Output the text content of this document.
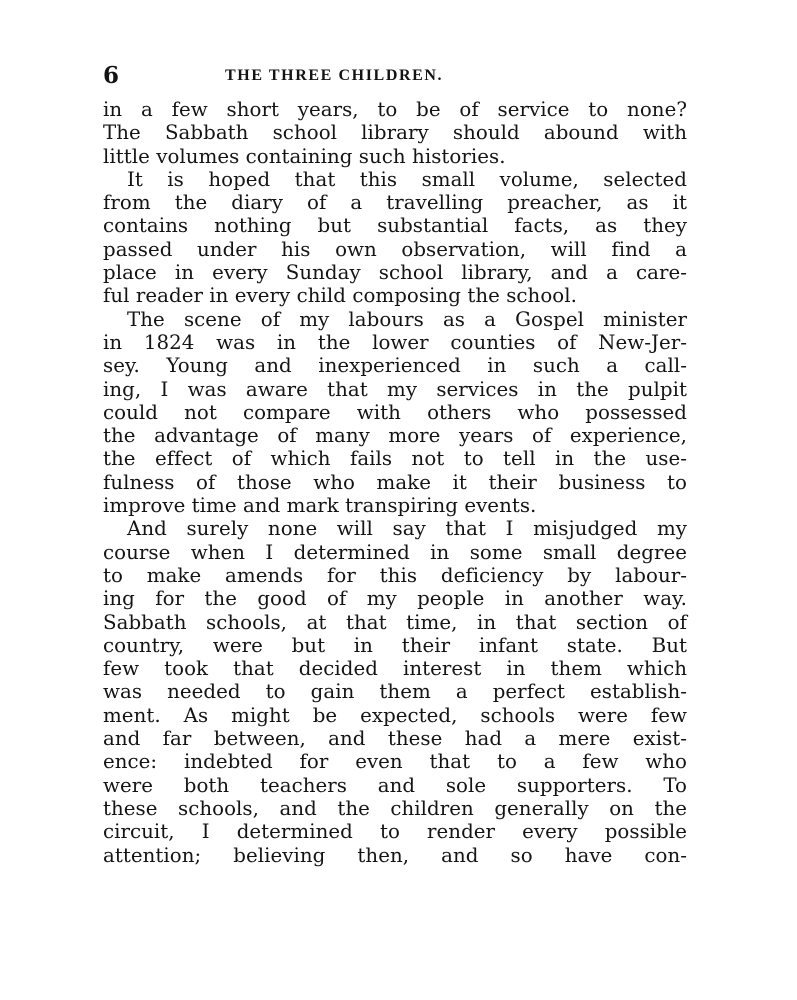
6	THE THREE CHILDREN.
in a few short years, to be of service to none?
The Sabbath school library should abound with
little volumes containing such histories.
It is hoped that this small volume, selected
from the diary of a travelling preacher, as it
contains nothing but substantial facts, as they
passed under his own observation, will find a
place in every Sunday school library, and a care-
ful reader in every child composing the school.
The scene of my labours as a Gospel minister
in 1824 was in the lower counties of New-Jer-
sey. Young and inexperienced in such a call-
ing, I was aware that my services in the pulpit
could not compare with others who possessed
the advantage of many more years of experience,
the effect of which fails not to tell in the use-
fulness of those who make it their business to
improve time and mark transpiring events.
And surely none will say that I misjudged my
course when I determined in some small degree
to make amends for this deficiency by labour-
ing for the good of my people in another way.
Sabbath schools, at that time, in that section of
country, were but in their infant state. But
few took that decided interest in them which
was needed to gain them a perfect establish-
ment. As might be expected, schools were few
and far between, and these had a mere exist-
ence: indebted for even that to a few who
were both teachers and sole supporters. To
these schools, and the children generally on the
circuit, I determined to render every possible
attention; believing then, and so have con-
